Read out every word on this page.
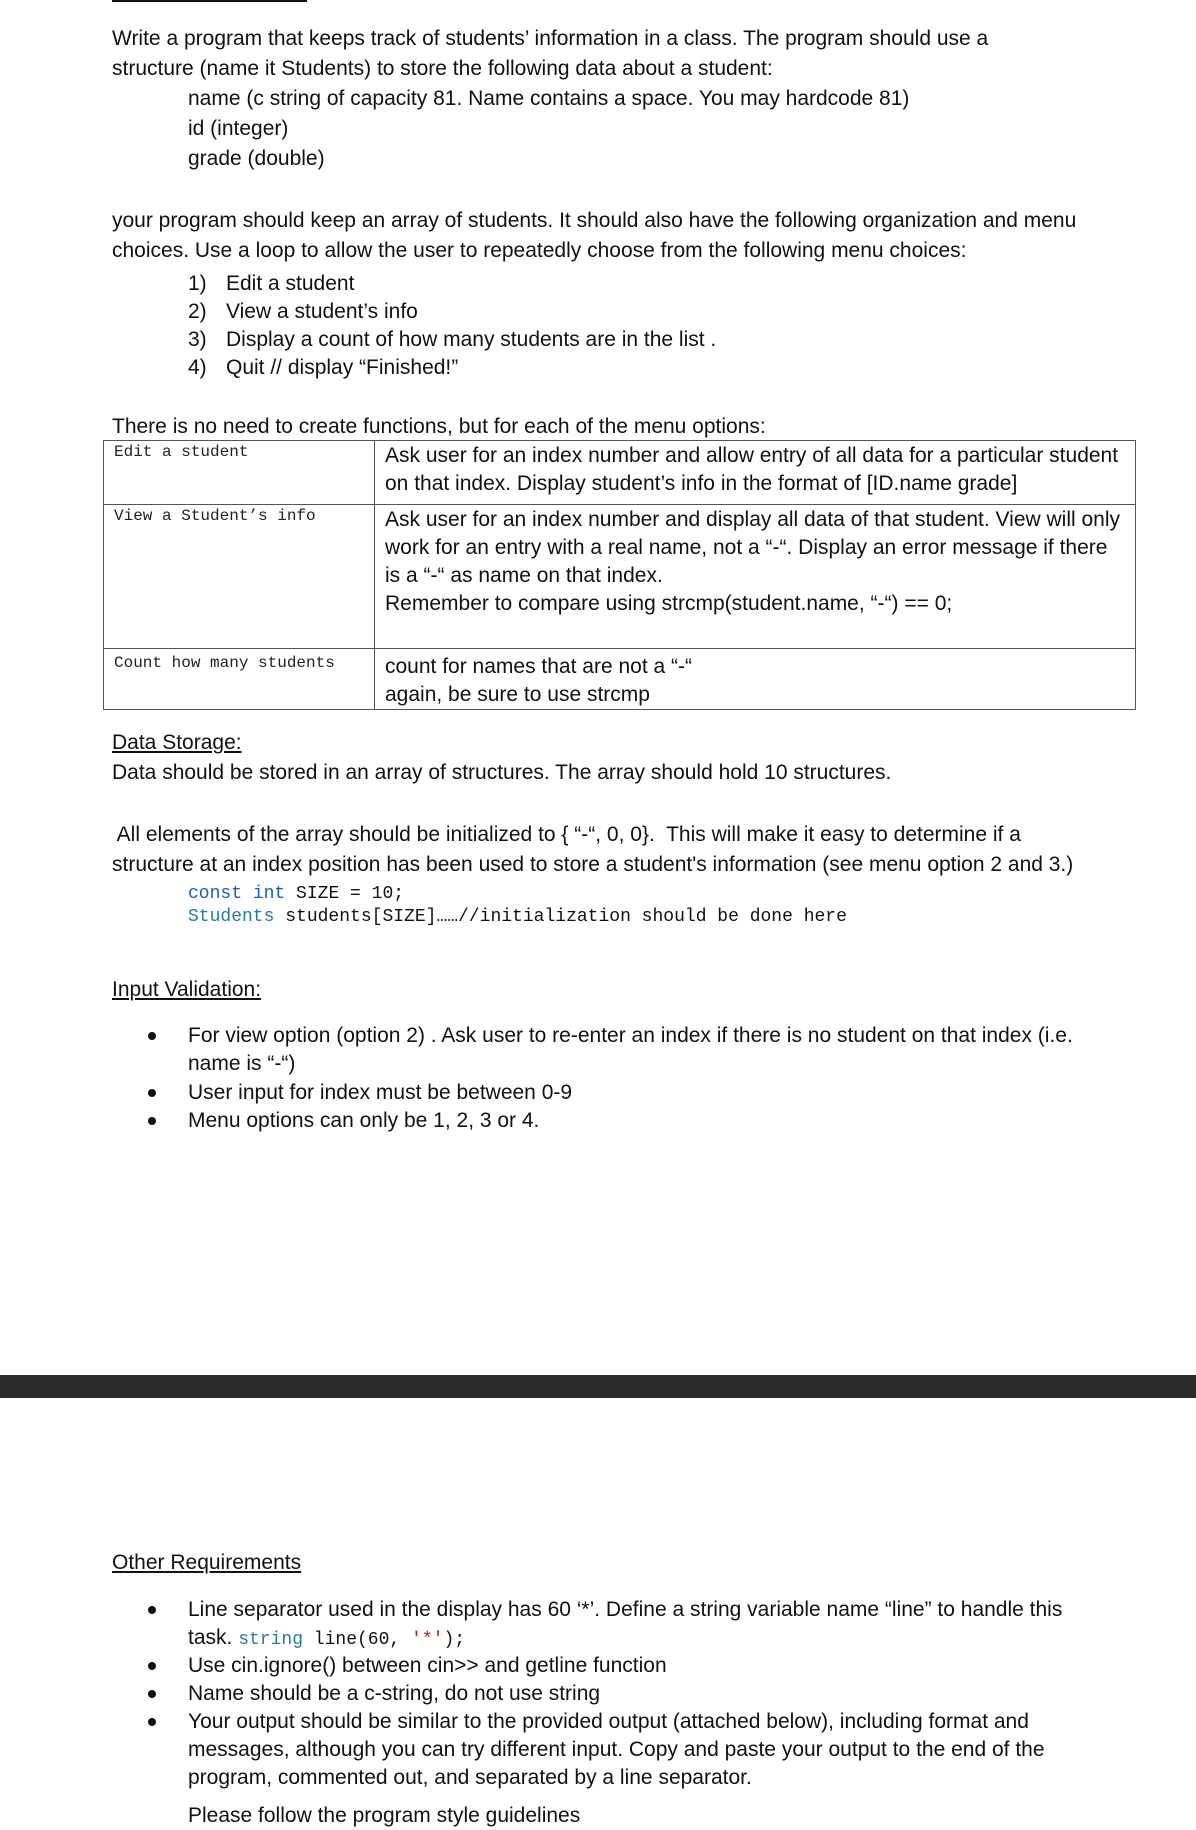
Write a program that keeps track of students’ information in a class. The program should use a
structure (name it Students) to store the following data about a student:
name (c string of capacity 81. Name contains a space. You may hardcode 81)
id (integer)
grade (double)
your program should keep an array of students. It should also have the following organization and menu
choices. Use a loop to allow the user to repeatedly choose from the following menu choices:
1) Edit a student
2) View a student’s info
3) Display a count of how many students are in the list .
4) Quit // display “Finished!”
There is no need to create functions, but for each of the menu options:
Edit a student	Ask user for an index number and allow entry of all data for a particular student on that index. Display student’s info in the format of [ID.name grade]

View a Student’s info	Ask user for an index number and display all data of that student. View will only work for an entry with a real name, not a “-“. Display an error message if there is a “-“ as name on that index.
Remember to compare using strcmp(student.name, “-“) == 0;

Count how many students	count for names that are not a “-“
again, be sure to use strcmp
Data Storage:
Data should be stored in an array of structures. The array should hold 10 structures.
All elements of the array should be initialized to { “-“, 0, 0}.  This will make it easy to determine if a
structure at an index position has been used to store a student's information (see menu option 2 and 3.)
const int SIZE = 10;
Students students[SIZE]……//initialization should be done here
Input Validation:
For view option (option 2) . Ask user to re-enter an index if there is no student on that index (i.e. name is “-“)
User input for index must be between 0-9
Menu options can only be 1, 2, 3 or 4.
Other Requirements
Line separator used in the display has 60 ‘*’. Define a string variable name “line” to handle this task. string line(60, '*');
Use cin.ignore() between cin>> and getline function
Name should be a c-string, do not use string
Your output should be similar to the provided output (attached below), including format and messages, although you can try different input. Copy and paste your output to the end of the program, commented out, and separated by a line separator.
Please follow the program style guidelines
